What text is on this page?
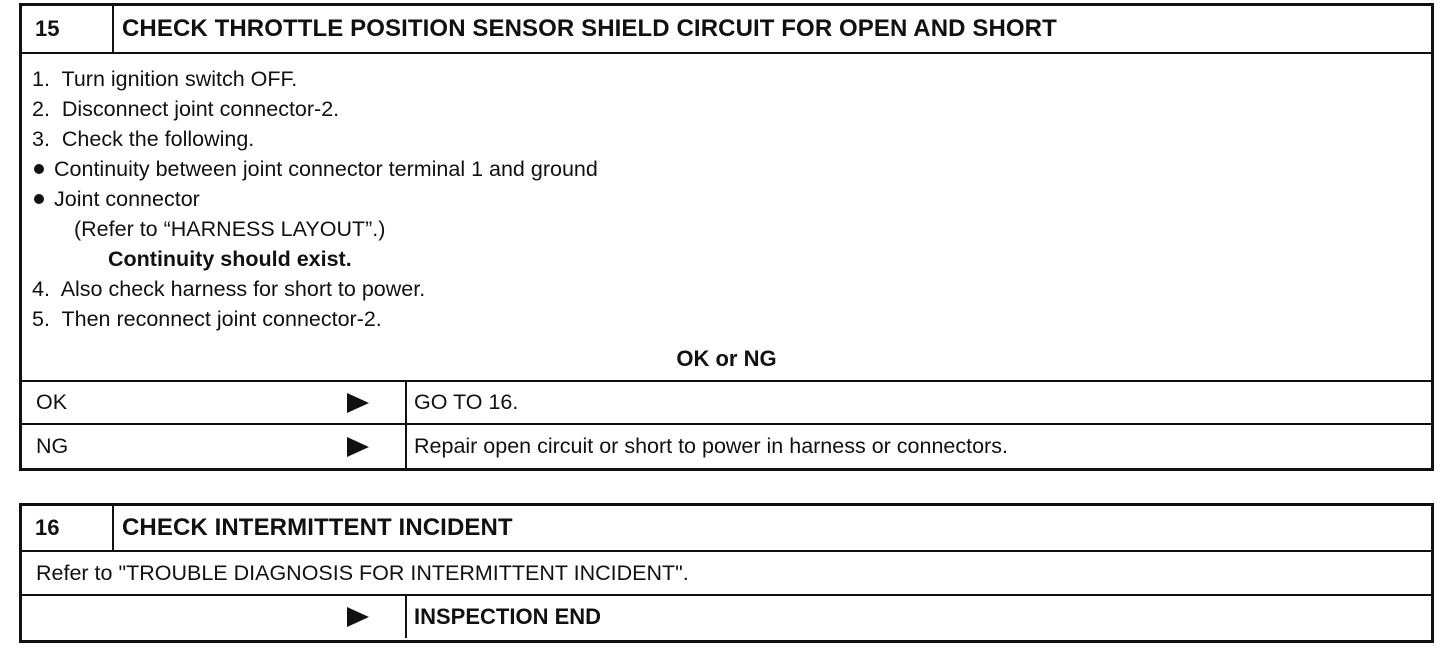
15	CHECK THROTTLE POSITION SENSOR SHIELD CIRCUIT FOR OPEN AND SHORT
1.  Turn ignition switch OFF.
2.  Disconnect joint connector-2.
3.  Check the following.
Continuity between joint connector terminal 1 and ground
Joint connector
(Refer to “HARNESS LAYOUT”.)
Continuity should exist.
4.  Also check harness for short to power.
5.  Then reconnect joint connector-2.
OK or NG
OK	GO TO 16.
NG	Repair open circuit or short to power in harness or connectors.
16	CHECK INTERMITTENT INCIDENT
Refer to "TROUBLE DIAGNOSIS FOR INTERMITTENT INCIDENT".
INSPECTION END
